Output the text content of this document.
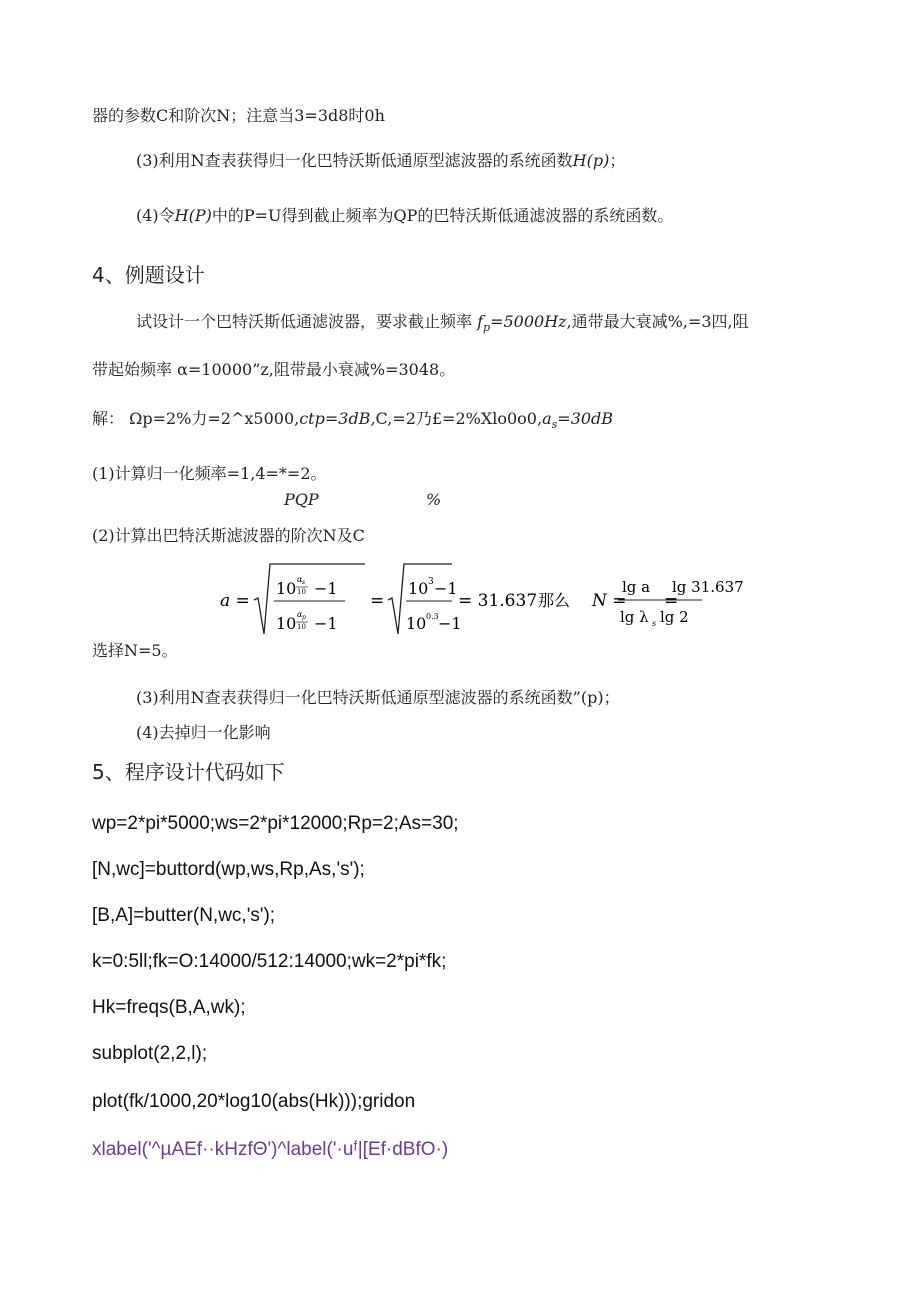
器的参数C和阶次N；注意当3=3d8时0h
(3)利用N查表获得归一化巴特沃斯低通原型滤波器的系统函数H(p)；
(4)令H(P)中的P=U得到截止频率为QP的巴特沃斯低通滤波器的系统函数。
4、例题设计
试设计一个巴特沃斯低通滤波器，要求截止频率 $f_p=5000Hz$,通带最大衰减%,=3四,阻
带起始频率 α=10000”z,阻带最小衰减%=3048。
解： Ωp=2%力=2^x5000,ctp=3dB,C,=2乃$£=2\%Xlo0o0,a_s=30dB$
(1)计算归一化频率=1,4=*=2。
PQP	%
(2)计算出巴特沃斯滤波器的阶次N及C
a =
10 α s
10 −1
10 α p
10 −1
=
10 3 −1
10 0.3 −1
= 31.637 那么 N =
lg a
lg λ s
=
lg 31.637
lg 2
选择N=5。
(3)利用N查表获得归一化巴特沃斯低通原型滤波器的系统函数”(p)；
(4)去掉归一化影响
5、程序设计代码如下
wp=2*pi*5000;ws=2*pi*12000;Rp=2;As=30;
[N,wc]=buttord(wp,ws,Rp,As,'s');
[B,A]=butter(N,wc,'s');
k=0:5ll;fk=O:14000/512:14000;wk=2*pi*fk;
Hk=freqs(B,A,wk);
subplot(2,2,l);
plot(fk/1000,20*log10(abs(Hk)));gridon
xlabel('^µAEf··kHzfΘ')^label('·uᶠ|[Ef·dBfO·)
